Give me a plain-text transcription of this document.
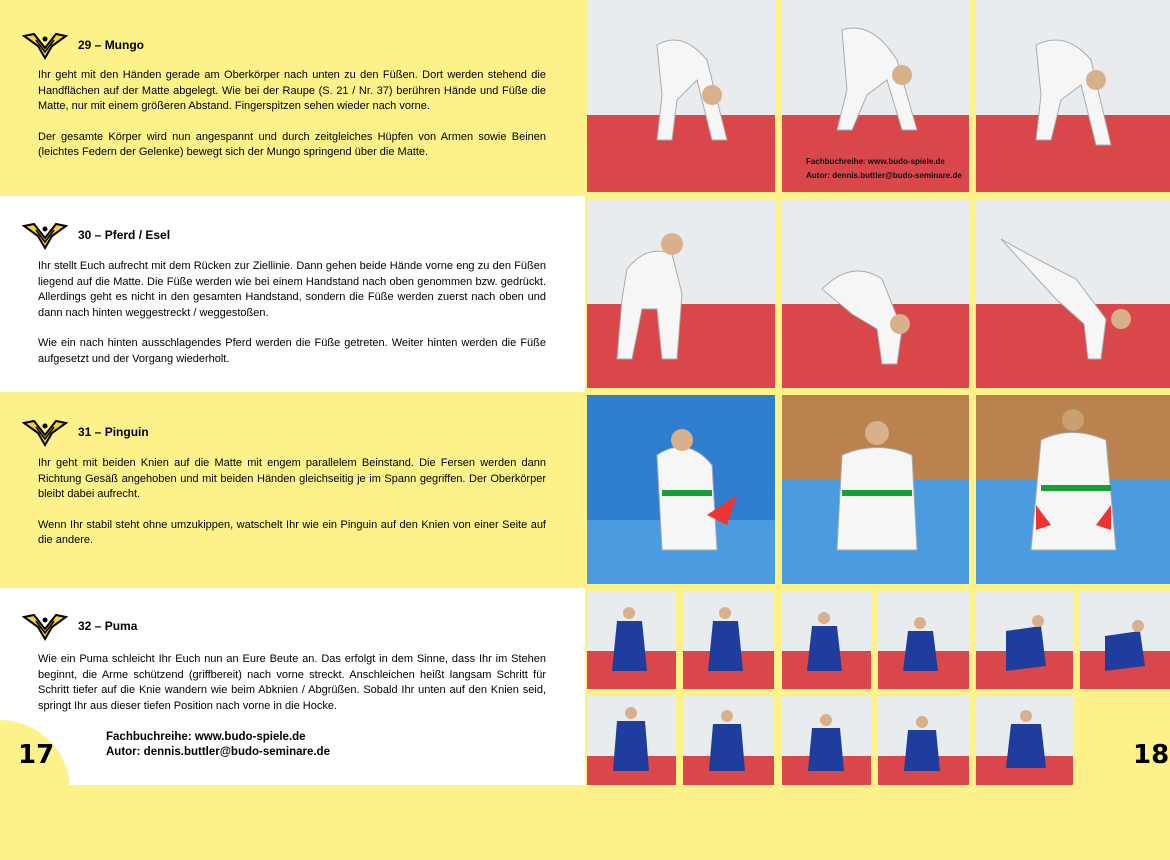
29 – Mungo

Ihr geht mit den Händen gerade am Oberkörper nach unten zu den Füßen. Dort werden stehend die Handflächen auf der Matte abgelegt. Wie bei der Raupe (S. 21 / Nr. 37) berühren Hände und Füße die Matte, nur mit einem größeren Abstand. Fingerspitzen sehen wieder nach vorne.

Der gesamte Körper wird nun angespannt und durch zeitgleiches Hüpfen von Armen sowie Beinen (leichtes Federn der Gelenke) bewegt sich der Mungo springend über die Matte.

30 – Pferd / Esel

Ihr stellt Euch aufrecht mit dem Rücken zur Ziellinie. Dann gehen beide Hände vorne eng zu den Füßen liegend auf die Matte. Die Füße werden wie bei einem Handstand nach oben genommen bzw. gedrückt. Allerdings geht es nicht in den gesamten Handstand, sondern die Füße werden zuerst nach oben und dann nach hinten weggestreckt / weggestoßen.

Wie ein nach hinten ausschlagendes Pferd werden die Füße getreten. Weiter hinten werden die Füße aufgesetzt und der Vorgang wiederholt.

31 – Pinguin

Ihr geht mit beiden Knien auf die Matte mit engem parallelem Beinstand. Die Fersen werden dann Richtung Gesäß angehoben und mit beiden Händen gleichseitig je im Spann gegriffen. Der Oberkörper bleibt dabei aufrecht.

Wenn Ihr stabil steht ohne umzukippen, watschelt Ihr wie ein Pinguin auf den Knien von einer Seite auf die andere.

32 – Puma

Wie ein Puma schleicht Ihr Euch nun an Eure Beute an. Das erfolgt in dem Sinne, dass Ihr im Stehen beginnt, die Arme schützend (griffbereit) nach vorne streckt. Anschleichen heißt langsam Schritt für Schritt tiefer auf die Knie wandern wie beim Abknien / Abgrüßen. Sobald Ihr unten auf den Knien seid, springt Ihr aus dieser tiefen Position nach vorne in die Hocke.

17
Fachbuchreihe: www.budo-spiele.de
Autor: dennis.buttler@budo-seminare.de
Fachbuchreihe: www.budo-spiele.de
Autor: dennis.buttler@budo-seminare.de
18
